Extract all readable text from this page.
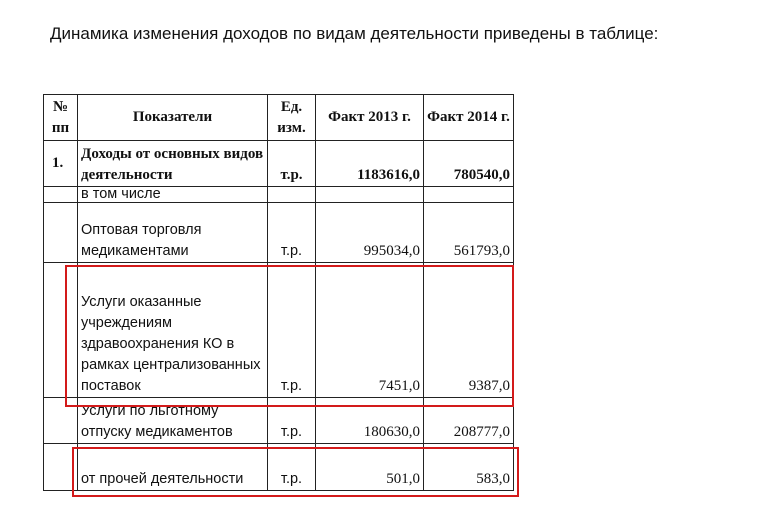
Динамика изменения доходов по видам деятельности приведены в таблице:
№ пп	Показатели	Ед. изм.	Факт 2013 г.	Факт 2014 г.
1.	Доходы от основных видов деятельности	т.р.	1183616,0	780540,0
	в том числе			
	Оптовая торговля медикаментами	т.р.	995034,0	561793,0
	Услуги оказанные учреждениям здравоохранения КО в рамках централизованных поставок	т.р.	7451,0	9387,0
	Услуги по льготному отпуску медикаментов	т.р.	180630,0	208777,0
	от прочей деятельности	т.р.	501,0	583,0
